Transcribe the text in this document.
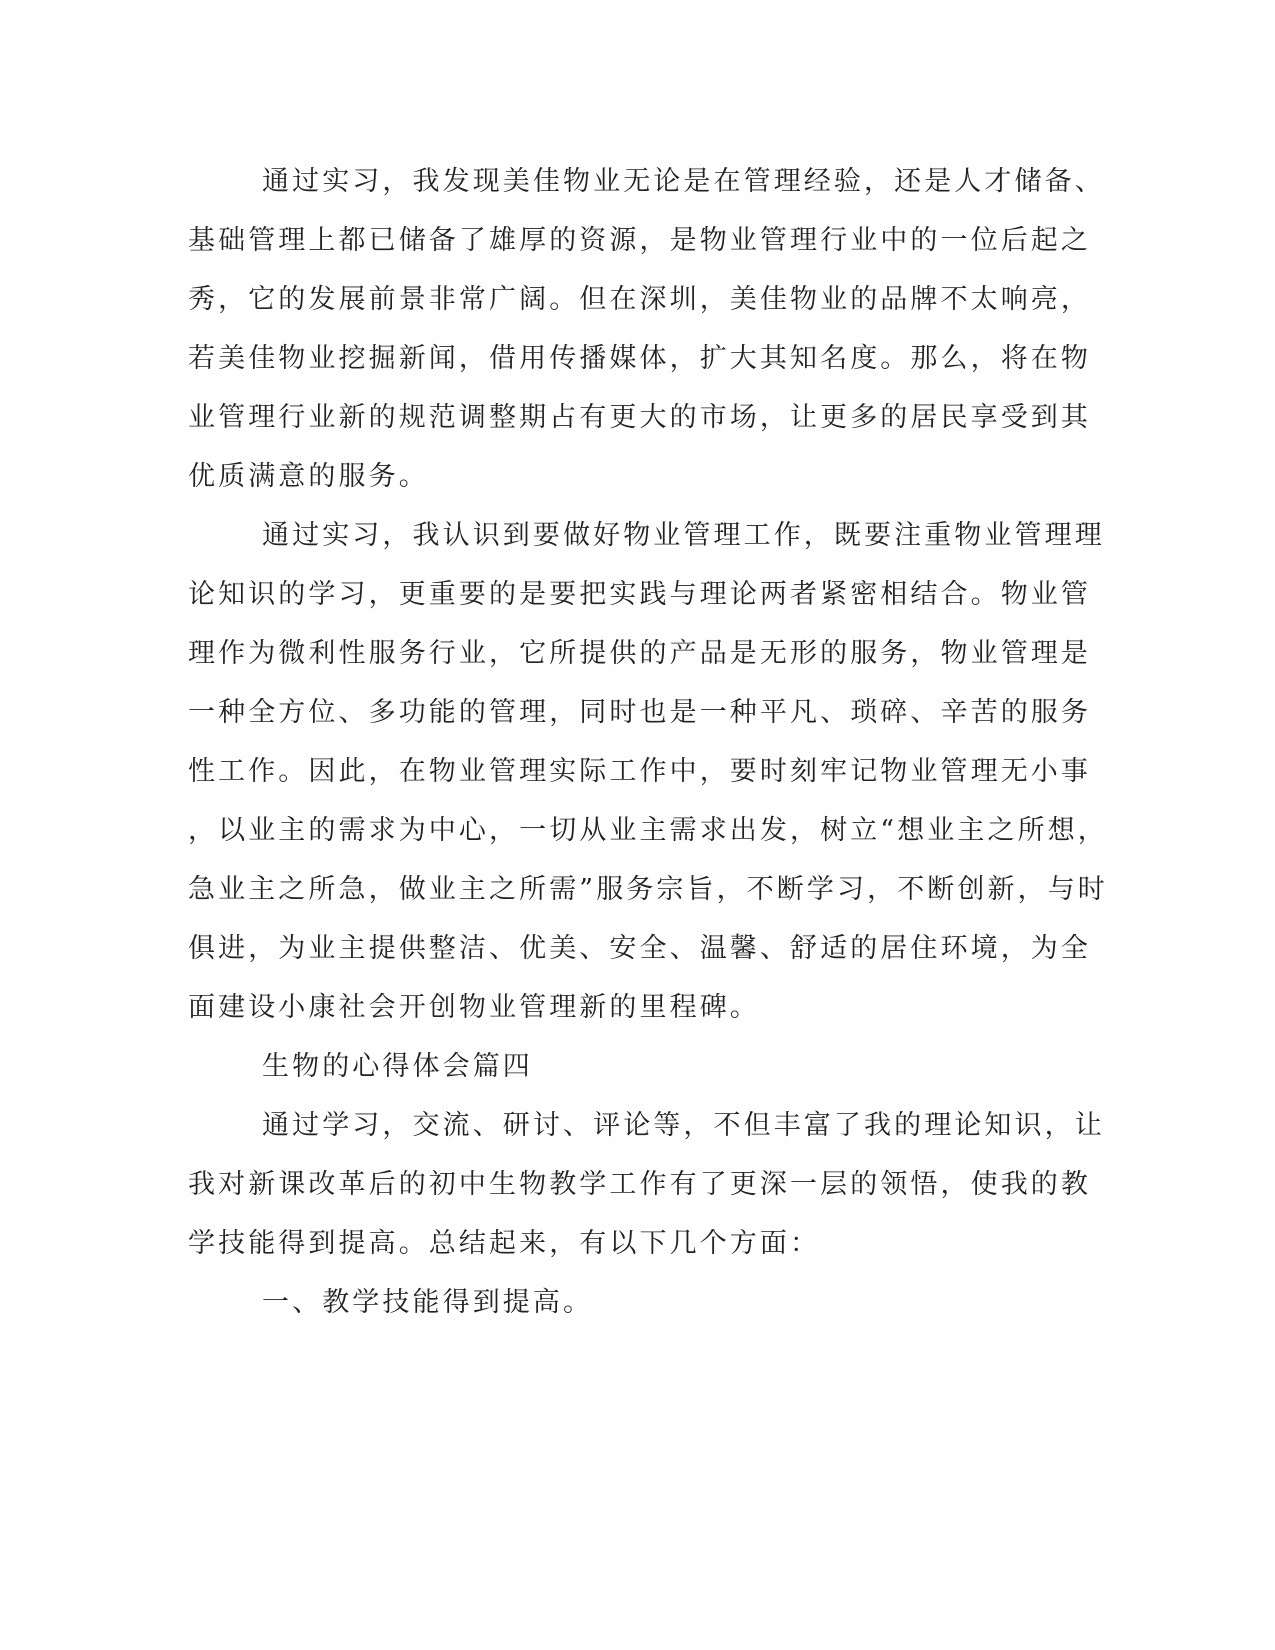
通过实习，我发现美佳物业无论是在管理经验，还是人才储备、
基础管理上都已储备了雄厚的资源，是物业管理行业中的一位后起之
秀，它的发展前景非常广阔。但在深圳，美佳物业的品牌不太响亮，
若美佳物业挖掘新闻，借用传播媒体，扩大其知名度。那么，将在物
业管理行业新的规范调整期占有更大的市场，让更多的居民享受到其
优质满意的服务。
通过实习，我认识到要做好物业管理工作，既要注重物业管理理
论知识的学习，更重要的是要把实践与理论两者紧密相结合。物业管
理作为微利性服务行业，它所提供的产品是无形的服务，物业管理是
一种全方位、多功能的管理，同时也是一种平凡、琐碎、辛苦的服务
性工作。因此，在物业管理实际工作中，要时刻牢记物业管理无小事
，以业主的需求为中心，一切从业主需求出发，树立“想业主之所想，
急业主之所急，做业主之所需”服务宗旨，不断学习，不断创新，与时
俱进，为业主提供整洁、优美、安全、温馨、舒适的居住环境，为全
面建设小康社会开创物业管理新的里程碑。
生物的心得体会篇四
通过学习，交流、研讨、评论等，不但丰富了我的理论知识，让
我对新课改革后的初中生物教学工作有了更深一层的领悟，使我的教
学技能得到提高。总结起来，有以下几个方面：
一、教学技能得到提高。
